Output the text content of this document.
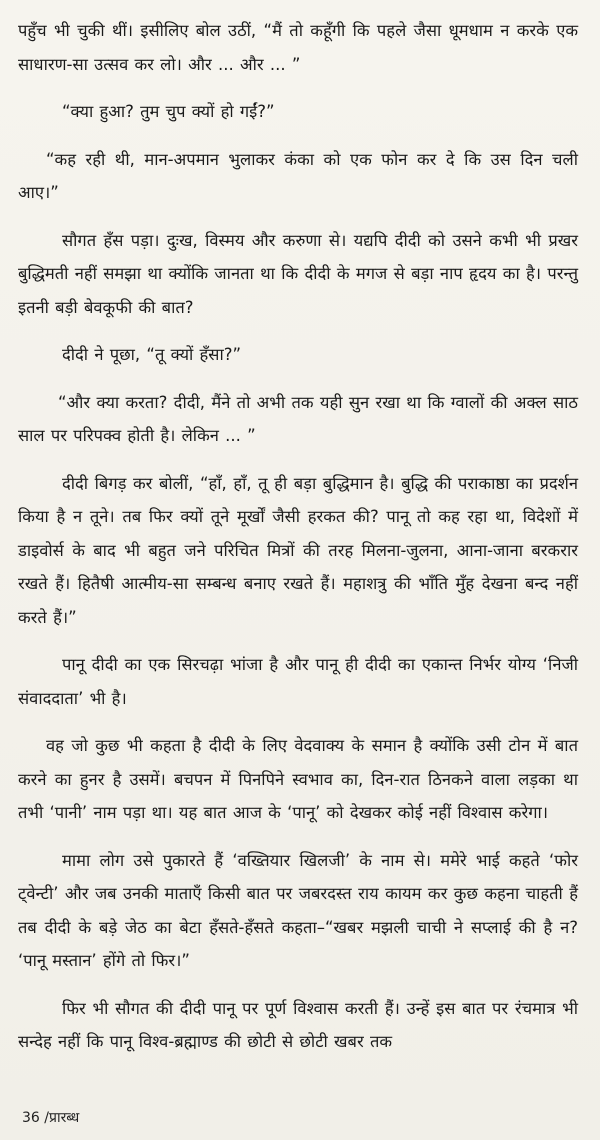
पहुँच भी चुकी थीं। इसीलिए बोल उठीं, “मैं तो कहूँगी कि पहले जैसा धूमधाम न करके एक साधारण-सा उत्सव कर लो। और ... और ... ”

“क्या हुआ? तुम चुप क्यों हो गईं?”

“कह रही थी, मान-अपमान भुलाकर कंका को एक फोन कर दे कि उस दिन चली आए।”

सौगत हँस पड़ा। दुःख, विस्मय और करुणा से। यद्यपि दीदी को उसने कभी भी प्रखर बुद्धिमती नहीं समझा था क्योंकि जानता था कि दीदी के मगज से बड़ा नाप हृदय का है। परन्तु इतनी बड़ी बेवकूफी की बात?

दीदी ने पूछा, “तू क्यों हँसा?”

“और क्या करता? दीदी, मैंने तो अभी तक यही सुन रखा था कि ग्वालों की अक्ल साठ साल पर परिपक्व होती है। लेकिन ... ”

दीदी बिगड़ कर बोलीं, “हाँ, हाँ, तू ही बड़ा बुद्धिमान है। बुद्धि की पराकाष्ठा का प्रदर्शन किया है न तूने। तब फिर क्यों तूने मूर्खों जैसी हरकत की? पानू तो कह रहा था, विदेशों में डाइवोर्स के बाद भी बहुत जने परिचित मित्रों की तरह मिलना-जुलना, आना-जाना बरकरार रखते हैं। हितैषी आत्मीय-सा सम्बन्ध बनाए रखते हैं। महाशत्रु की भाँति मुँह देखना बन्द नहीं करते हैं।”

पानू दीदी का एक सिरचढ़ा भांजा है और पानू ही दीदी का एकान्त निर्भर योग्य ‘निजी संवाददाता’ भी है।

वह जो कुछ भी कहता है दीदी के लिए वेदवाक्य के समान है क्योंकि उसी टोन में बात करने का हुनर है उसमें। बचपन में पिनपिने स्वभाव का, दिन-रात ठिनकने वाला लड़का था तभी ‘पानी’ नाम पड़ा था। यह बात आज के ‘पानू’ को देखकर कोई नहीं विश्वास करेगा।

मामा लोग उसे पुकारते हैं ‘वख्तियार खिलजी’ के नाम से। ममेरे भाई कहते ‘फोर ट्वेन्टी’ और जब उनकी माताएँ किसी बात पर जबरदस्त राय कायम कर कुछ कहना चाहती हैं तब दीदी के बड़े जेठ का बेटा हँसते-हँसते कहता–“खबर मझली चाची ने सप्लाई की है न? ‘पानू मस्तान’ होंगे तो फिर।”

फिर भी सौगत की दीदी पानू पर पूर्ण विश्वास करती हैं। उन्हें इस बात पर रंचमात्र भी सन्देह नहीं कि पानू विश्व-ब्रह्माण्ड की छोटी से छोटी खबर तक

36 /प्रारब्ध
